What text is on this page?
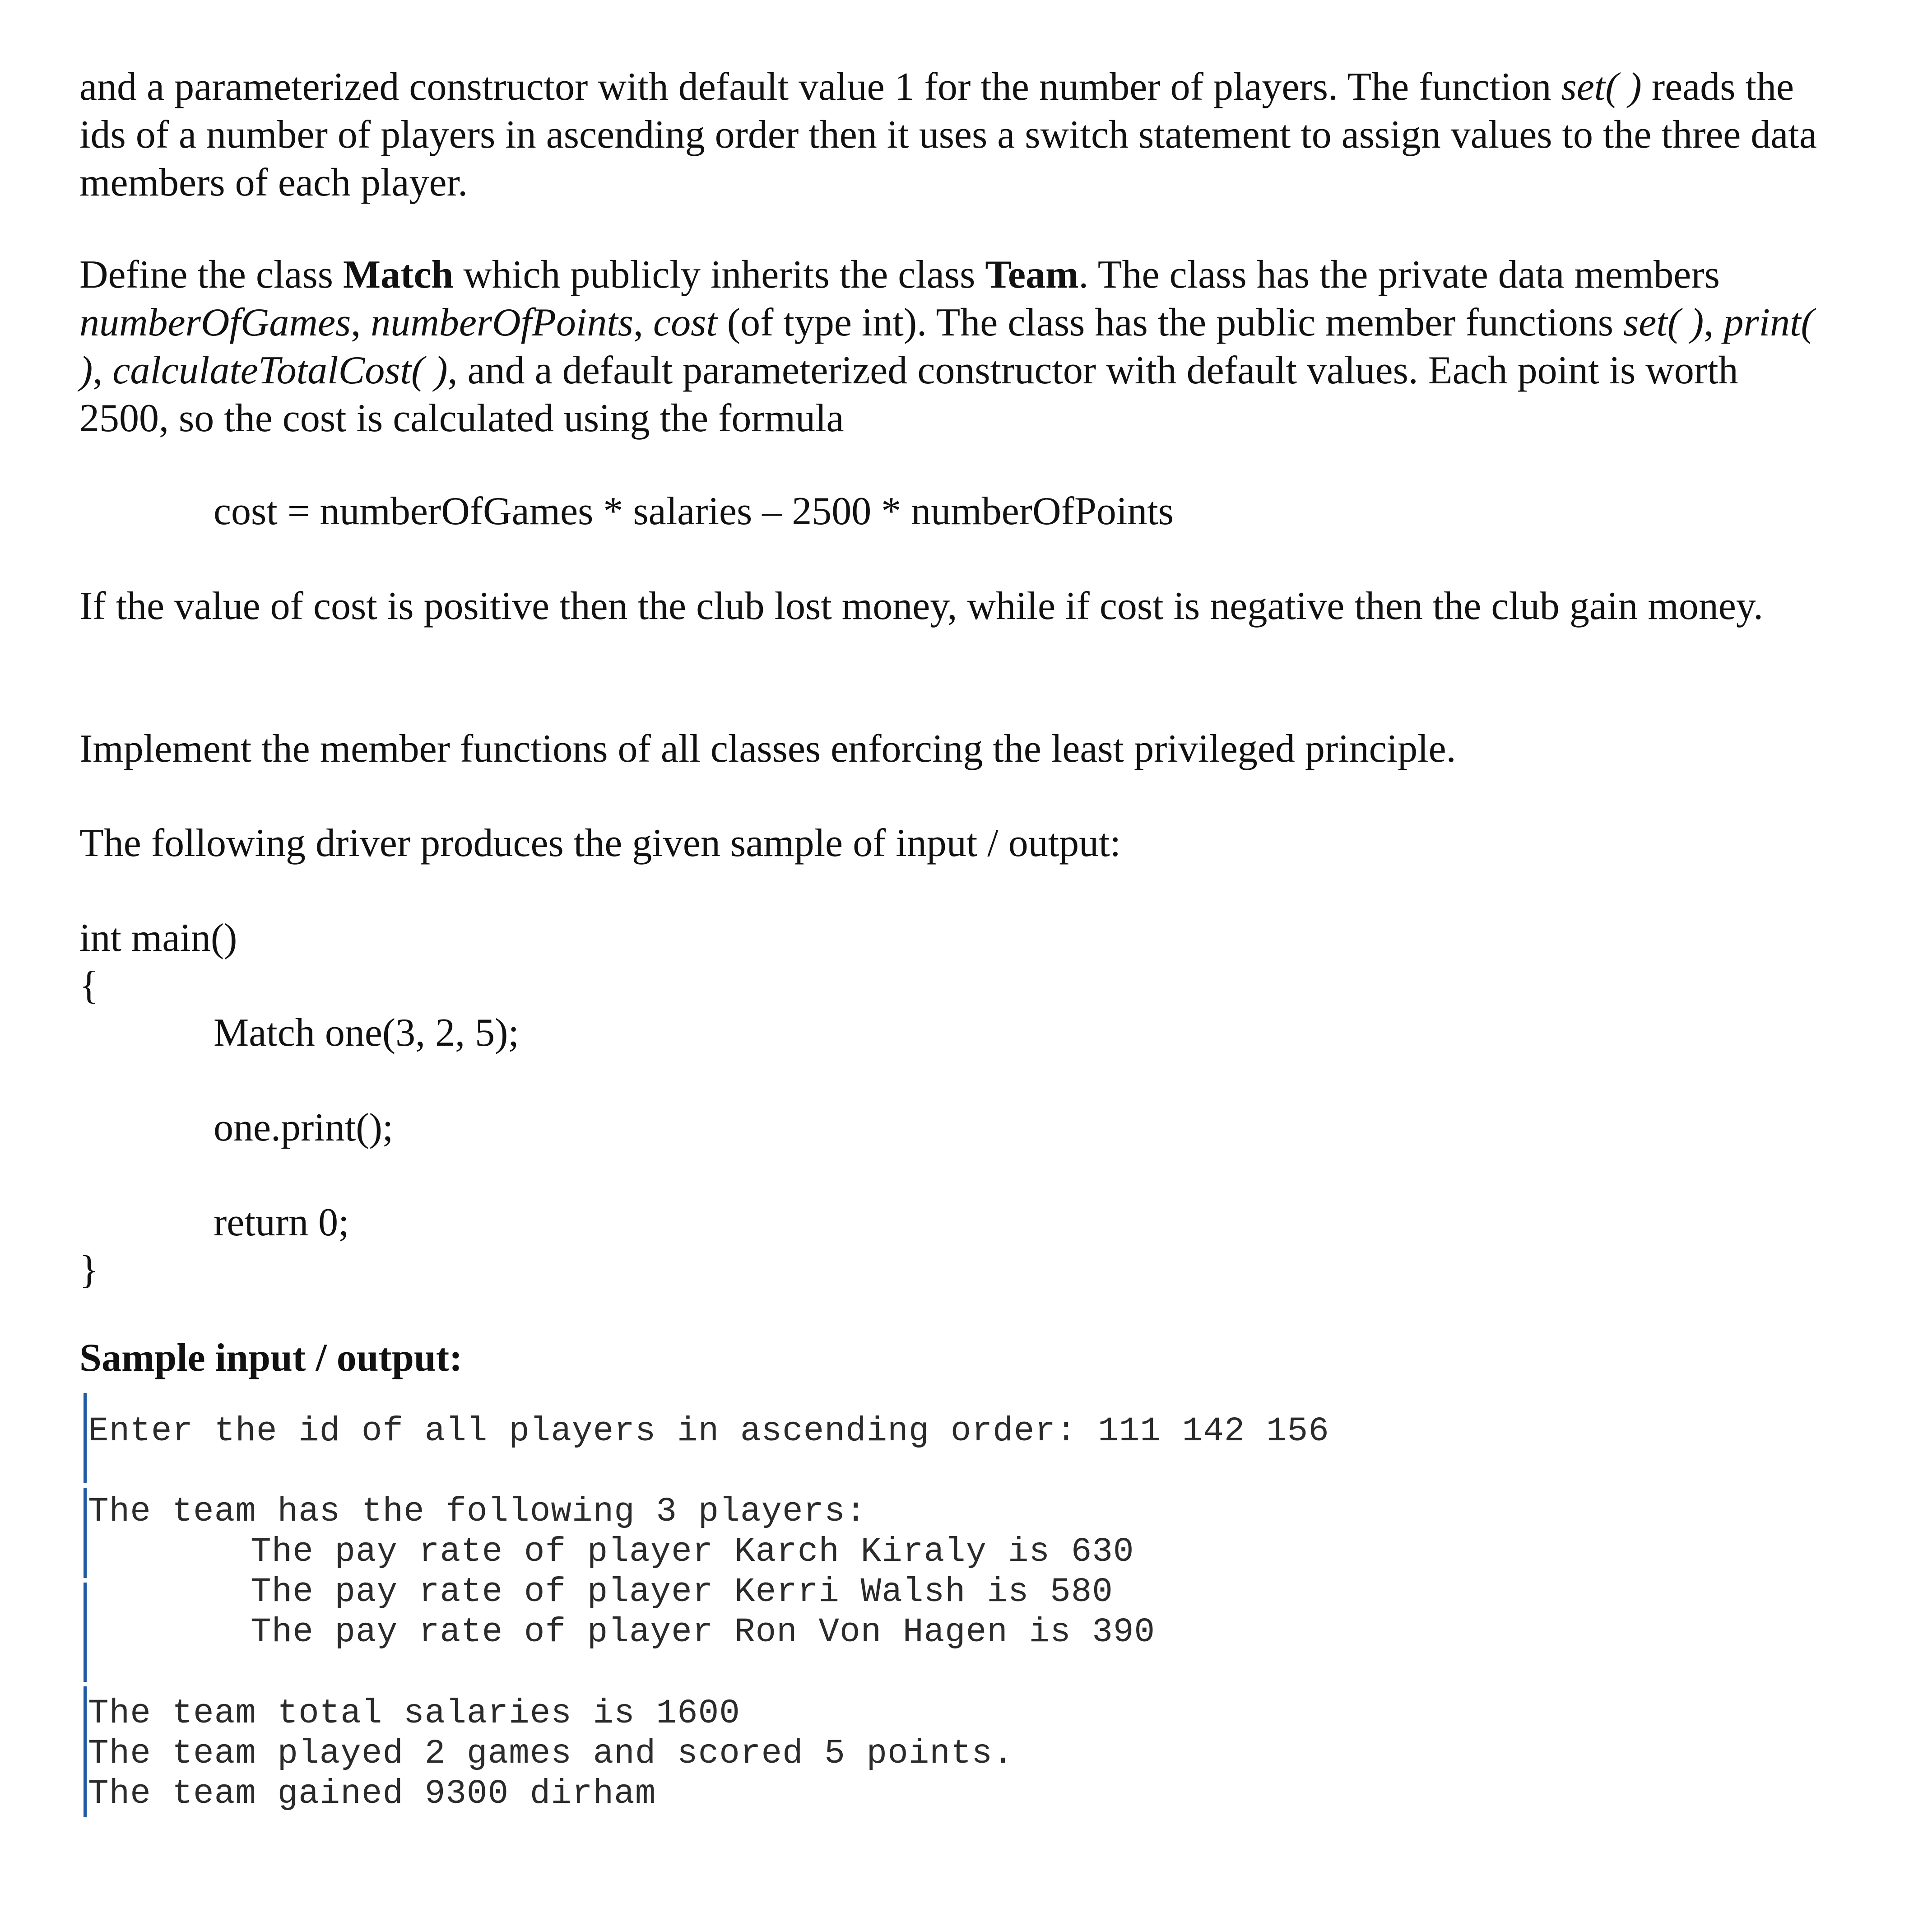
and a parameterized constructor with default value 1 for the number of players. The function set( ) reads the ids of a number of players in ascending order then it uses a switch statement to assign values to the three data members of each player.

Define the class Match which publicly inherits the class Team. The class has the private data members numberOfGames, numberOfPoints, cost (of type int). The class has the public member functions set( ), print( ), calculateTotalCost( ), and a default parameterized constructor with default values. Each point is worth 2500, so the cost is calculated using the formula

cost = numberOfGames * salaries – 2500 * numberOfPoints

If the value of cost is positive then the club lost money, while if cost is negative then the club gain money.

Implement the member functions of all classes enforcing the least privileged principle.

The following driver produces the given sample of input / output:

int main()

{

Match one(3, 2, 5);

one.print();

return 0;

}

Sample input / output:

Enter the id of all players in ascending order: 111 142 156
The team has the following 3 players:
The pay rate of player Karch Kiraly is 630
The pay rate of player Kerri Walsh is 580
The pay rate of player Ron Von Hagen is 390
The team total salaries is 1600
The team played 2 games and scored 5 points.
The team gained 9300 dirham
